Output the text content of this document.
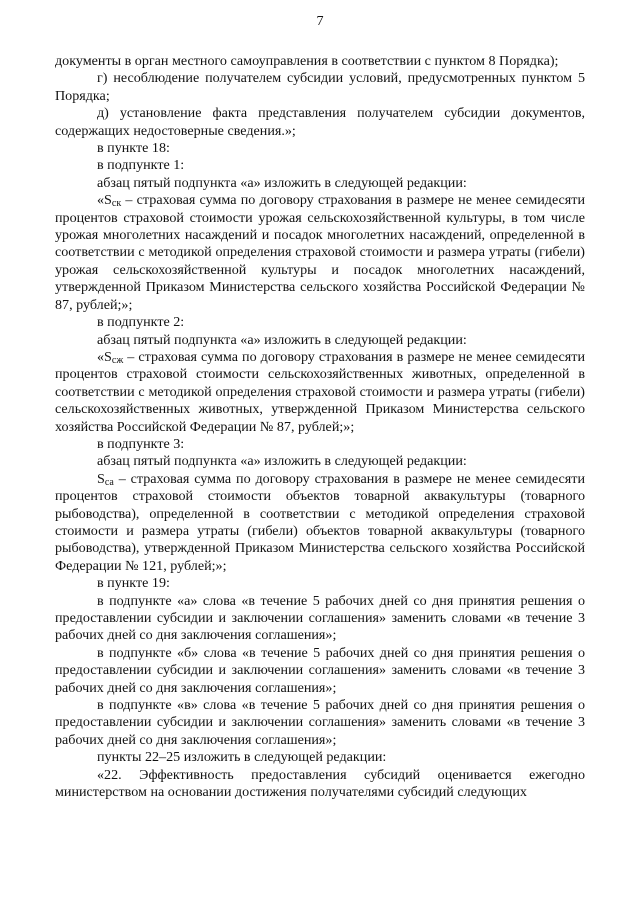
7

документы в орган местного самоуправления в соответствии с пунктом 8 Порядка);

г) несоблюдение получателем субсидии условий, предусмотренных пунктом 5 Порядка;

д) установление факта представления получателем субсидии документов, содержащих недостоверные сведения.»;

в пункте 18:

в подпункте 1:

абзац пятый подпункта «а» изложить в следующей редакции:

«$S_{ск}$ – страховая сумма по договору страхования в размере не менее семидесяти процентов страховой стоимости урожая сельскохозяйственной культуры, в том числе урожая многолетних насаждений и посадок многолетних насаждений, определенной в соответствии с методикой определения страховой стоимости и размера утраты (гибели) урожая сельскохозяйственной культуры и посадок многолетних насаждений, утвержденной Приказом Министерства сельского хозяйства Российской Федерации № 87, рублей;»;

в подпункте 2:

абзац пятый подпункта «а» изложить в следующей редакции:

«$S_{сж}$ – страховая сумма по договору страхования в размере не менее семидесяти процентов страховой стоимости сельскохозяйственных животных, определенной в соответствии с методикой определения страховой стоимости и размера утраты (гибели) сельскохозяйственных животных, утвержденной Приказом Министерства сельского хозяйства Российской Федерации № 87, рублей;»;

в подпункте 3:

абзац пятый подпункта «а» изложить в следующей редакции:

$S_{са}$ – страховая сумма по договору страхования в размере не менее семидесяти процентов страховой стоимости объектов товарной аквакультуры (товарного рыбоводства), определенной в соответствии с методикой определения страховой стоимости и размера утраты (гибели) объектов товарной аквакультуры (товарного рыбоводства), утвержденной Приказом Министерства сельского хозяйства Российской Федерации № 121, рублей;»;

в пункте 19:

в подпункте «а» слова «в течение 5 рабочих дней со дня принятия решения о предоставлении субсидии и заключении соглашения» заменить словами «в течение 3 рабочих дней со дня заключения соглашения»;

в подпункте «б» слова «в течение 5 рабочих дней со дня принятия решения о предоставлении субсидии и заключении соглашения» заменить словами «в течение 3 рабочих дней со дня заключения соглашения»;

в подпункте «в» слова «в течение 5 рабочих дней со дня принятия решения о предоставлении субсидии и заключении соглашения» заменить словами «в течение 3 рабочих дней со дня заключения соглашения»;

пункты 22–25 изложить в следующей редакции:

«22. Эффективность предоставления субсидий оценивается ежегодно министерством на основании достижения получателями субсидий следующих
